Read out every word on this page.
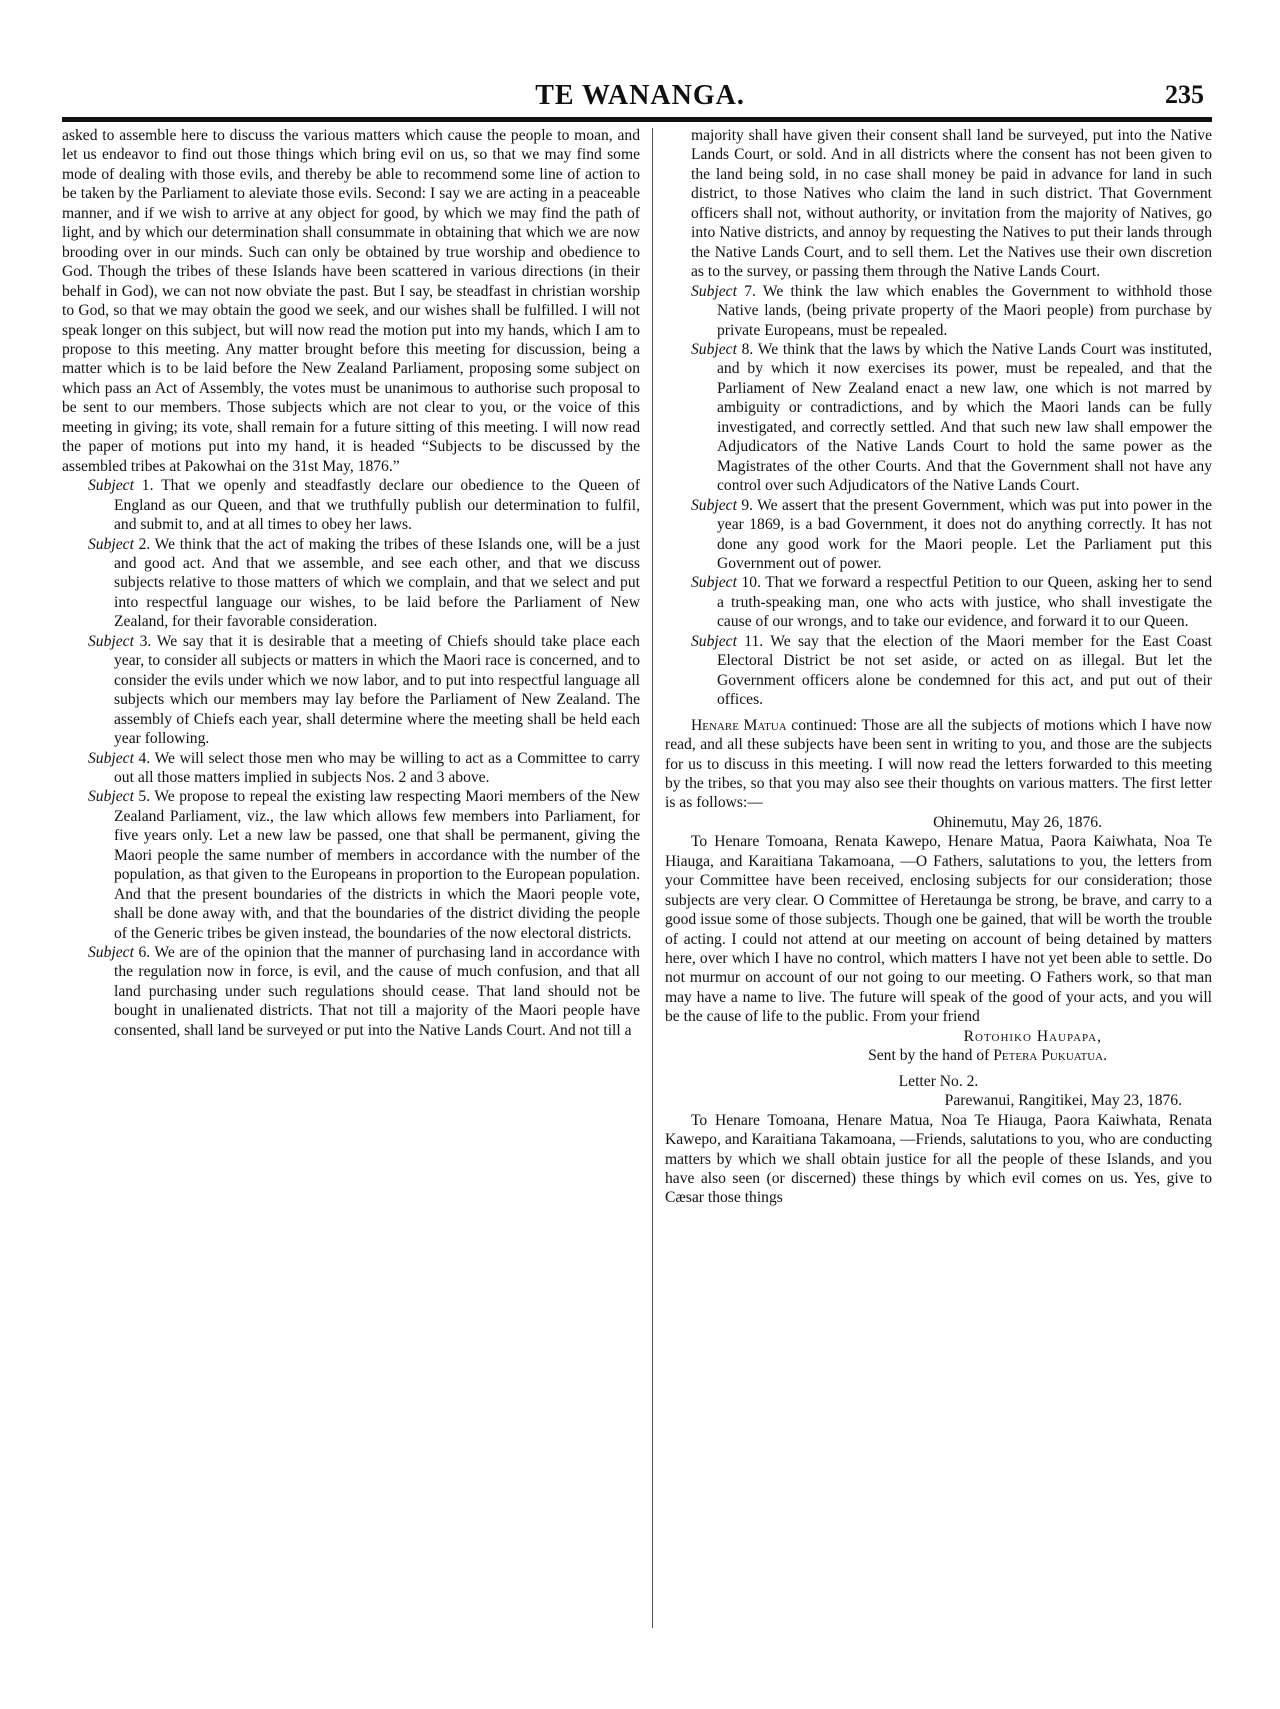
TE WANANGA.	235

asked to assemble here to discuss the various matters which cause the people to moan, and let us endeavor to find out those things which bring evil on us, so that we may find some mode of dealing with those evils, and thereby be able to recommend some line of action to be taken by the Parliament to aleviate those evils. Second: I say we are acting in a peaceable manner, and if we wish to arrive at any object for good, by which we may find the path of light, and by which our determination shall consummate in obtaining that which we are now brooding over in our minds. Such can only be obtained by true worship and obedience to God. Though the tribes of these Islands have been scattered in various directions (in their behalf in God), we can not now obviate the past. But I say, be steadfast in christian worship to God, so that we may obtain the good we seek, and our wishes shall be fulfilled. I will not speak longer on this subject, but will now read the motion put into my hands, which I am to propose to this meeting. Any matter brought before this meeting for discussion, being a matter which is to be laid before the New Zealand Parliament, proposing some subject on which pass an Act of Assembly, the votes must be unanimous to authorise such proposal to be sent to our members. Those subjects which are not clear to you, or the voice of this meeting in giving; its vote, shall remain for a future sitting of this meeting. I will now read the paper of motions put into my hand, it is headed “Subjects to be discussed by the assembled tribes at Pakowhai on the 31st May, 1876.”

Subject 1. That we openly and steadfastly declare our obedience to the Queen of England as our Queen, and that we truthfully publish our determination to fulfil, and submit to, and at all times to obey her laws.

Subject 2. We think that the act of making the tribes of these Islands one, will be a just and good act. And that we assemble, and see each other, and that we discuss subjects relative to those matters of which we complain, and that we select and put into respectful language our wishes, to be laid before the Parliament of New Zealand, for their favorable consideration.

Subject 3. We say that it is desirable that a meeting of Chiefs should take place each year, to consider all subjects or matters in which the Maori race is concerned, and to consider the evils under which we now labor, and to put into respectful language all subjects which our members may lay before the Parliament of New Zealand. The assembly of Chiefs each year, shall determine where the meeting shall be held each year following.

Subject 4. We will select those men who may be willing to act as a Committee to carry out all those matters implied in subjects Nos. 2 and 3 above.

Subject 5. We propose to repeal the existing law respecting Maori members of the New Zealand Parliament, viz., the law which allows few members into Parliament, for five years only. Let a new law be passed, one that shall be permanent, giving the Maori people the same number of members in accordance with the number of the population, as that given to the Europeans in proportion to the European population. And that the present boundaries of the districts in which the Maori people vote, shall be done away with, and that the boundaries of the district dividing the people of the Generic tribes be given instead, the boundaries of the now electoral districts.

Subject 6. We are of the opinion that the manner of purchasing land in accordance with the regulation now in force, is evil, and the cause of much confusion, and that all land purchasing under such regulations should cease. That land should not be bought in unalienated districts. That not till a majority of the Maori people have consented, shall land be surveyed or put into the Native Lands Court. And not till a

majority shall have given their consent shall land be surveyed, put into the Native Lands Court, or sold. And in all districts where the consent has not been given to the land being sold, in no case shall money be paid in advance for land in such district, to those Natives who claim the land in such district. That Government officers shall not, without authority, or invitation from the majority of Natives, go into Native districts, and annoy by requesting the Natives to put their lands through the Native Lands Court, and to sell them. Let the Natives use their own discretion as to the survey, or passing them through the Native Lands Court.

Subject 7. We think the law which enables the Government to withhold those Native lands, (being private property of the Maori people) from purchase by private Europeans, must be repealed.

Subject 8. We think that the laws by which the Native Lands Court was instituted, and by which it now exercises its power, must be repealed, and that the Parliament of New Zealand enact a new law, one which is not marred by ambiguity or contradictions, and by which the Maori lands can be fully investigated, and correctly settled. And that such new law shall empower the Adjudicators of the Native Lands Court to hold the same power as the Magistrates of the other Courts. And that the Government shall not have any control over such Adjudicators of the Native Lands Court.

Subject 9. We assert that the present Government, which was put into power in the year 1869, is a bad Government, it does not do anything correctly. It has not done any good work for the Maori people. Let the Parliament put this Government out of power.

Subject 10. That we forward a respectful Petition to our Queen, asking her to send a truth-speaking man, one who acts with justice, who shall investigate the cause of our wrongs, and to take our evidence, and forward it to our Queen.

Subject 11. We say that the election of the Maori member for the East Coast Electoral District be not set aside, or acted on as illegal. But let the Government officers alone be condemned for this act, and put out of their offices.

Henare Matua continued: Those are all the subjects of motions which I have now read, and all these subjects have been sent in writing to you, and those are the subjects for us to discuss in this meeting. I will now read the letters forwarded to this meeting by the tribes, so that you may also see their thoughts on various matters. The first letter is as follows:—

Ohinemutu, May 26, 1876.

To Henare Tomoana, Renata Kawepo, Henare Matua, Paora Kaiwhata, Noa Te Hiauga, and Karaitiana Takamoana, —O Fathers, salutations to you, the letters from your Committee have been received, enclosing subjects for our consideration; those subjects are very clear. O Committee of Heretaunga be strong, be brave, and carry to a good issue some of those subjects. Though one be gained, that will be worth the trouble of acting. I could not attend at our meeting on account of being detained by matters here, over which I have no control, which matters I have not yet been able to settle. Do not murmur on account of our not going to our meeting. O Fathers work, so that man may have a name to live. The future will speak of the good of your acts, and you will be the cause of life to the public. From your friend

Rotohiko Haupapa,

Sent by the hand of Petera Pukuatua.

Letter No. 2.

Parewanui, Rangitikei, May 23, 1876.

To Henare Tomoana, Henare Matua, Noa Te Hiauga, Paora Kaiwhata, Renata Kawepo, and Karaitiana Takamoana, —Friends, salutations to you, who are conducting matters by which we shall obtain justice for all the people of these Islands, and you have also seen (or discerned) these things by which evil comes on us. Yes, give to Cæsar those things
